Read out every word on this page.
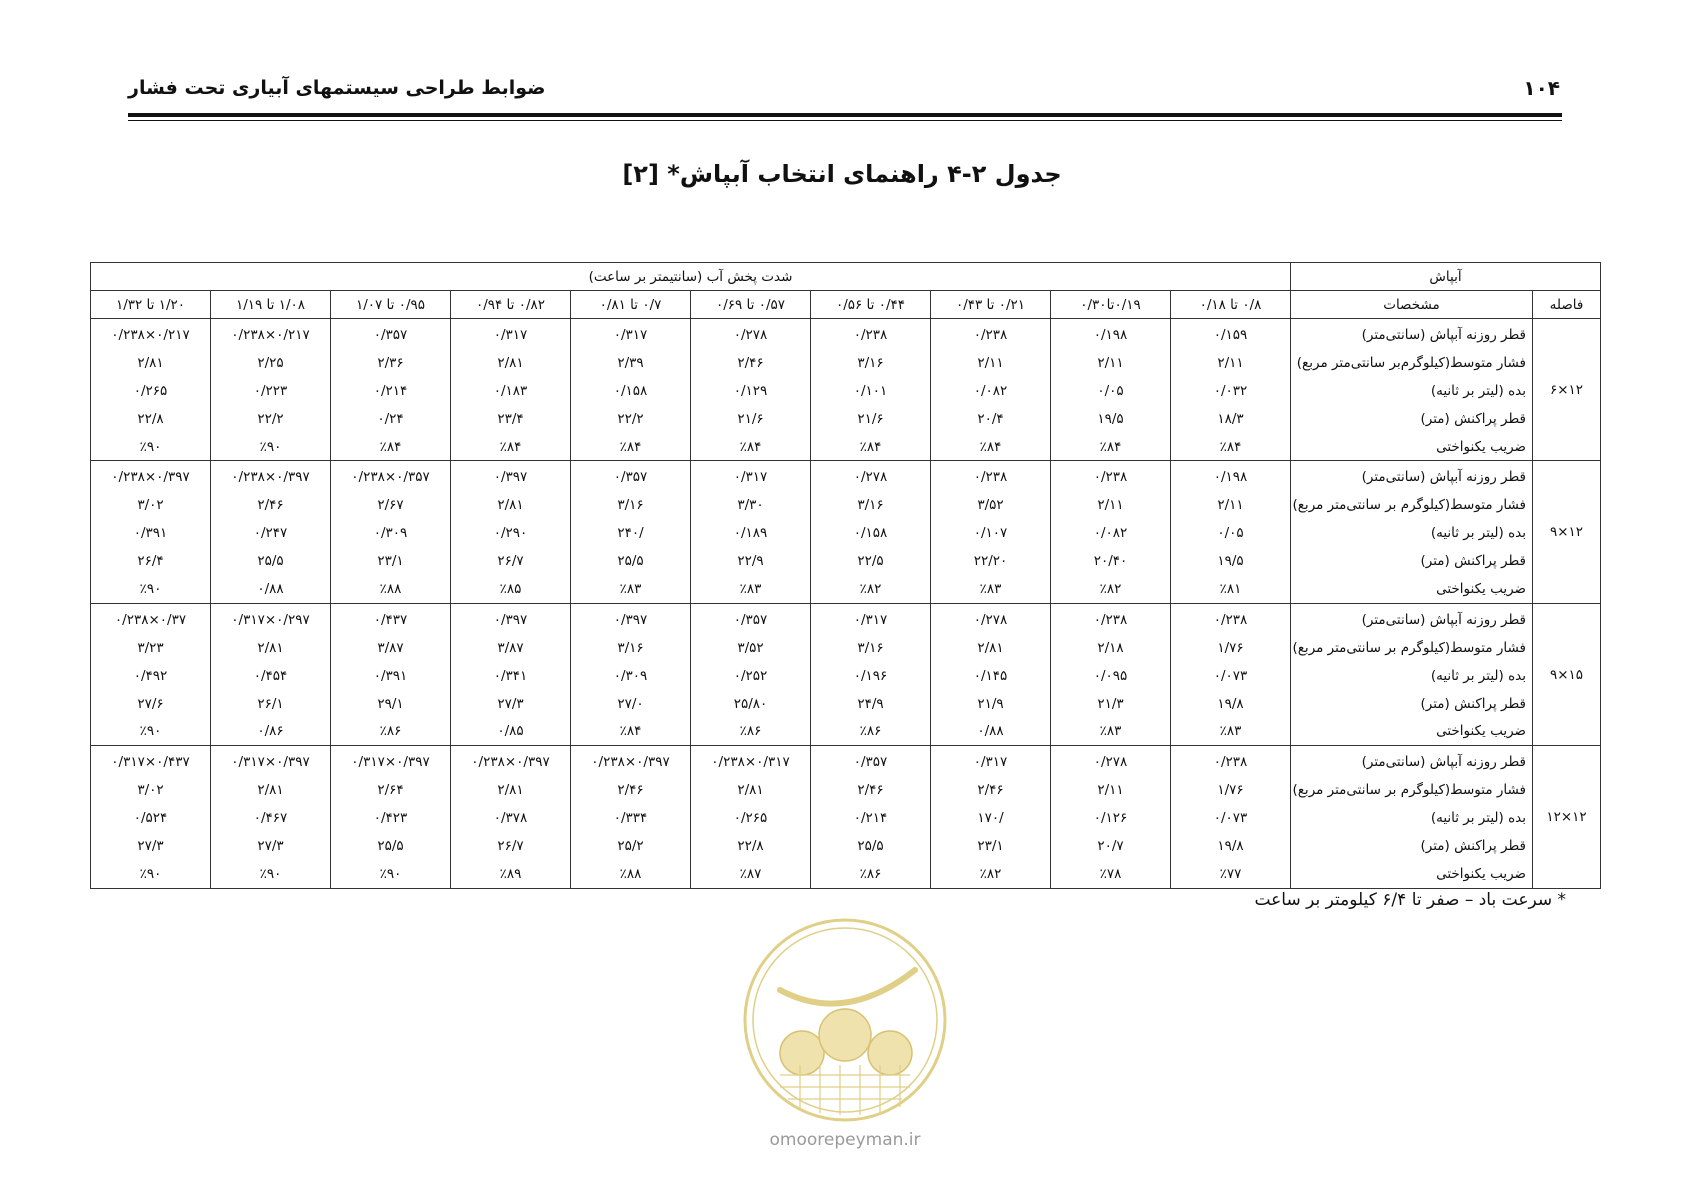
ضوابط طراحی سیستمهای آبیاری تحت فشار	۱۰۴
جدول ۲-۴ راهنمای انتخاب آبپاش* [۲]
آبپاش		شدت پخش آب (سانتیمتر بر ساعت)									
فاصله	مشخصات	۰/۸ تا ۰/۱۸	۰/۱۹تا۰/۳۰	۰/۲۱ تا ۰/۴۳	۰/۴۴ تا ۰/۵۶	۰/۵۷ تا ۰/۶۹	۰/۷ تا ۰/۸۱	۰/۸۲ تا ۰/۹۴	۰/۹۵ تا ۱/۰۷	۱/۰۸ تا ۱/۱۹	۱/۲۰ تا ۱/۳۲
۱۲×۶	قطر روزنه آبپاش (سانتی‌متر)	۰/۱۵۹	۰/۱۹۸	۰/۲۳۸	۰/۲۳۸	۰/۲۷۸	۰/۳۱۷	۰/۳۱۷	۰/۳۵۷	۰/۲۱۷×۰/۲۳۸	۰/۲۱۷×۰/۲۳۸
	فشار متوسط(کیلوگرم‌بر سانتی‌متر مربع)	۲/۱۱	۲/۱۱	۲/۱۱	۳/۱۶	۲/۴۶	۲/۳۹	۲/۸۱	۲/۳۶	۲/۲۵	۲/۸۱
	بده (لیتر بر ثانیه)	۰/۰۳۲	۰/۰۵	۰/۰۸۲	۰/۱۰۱	۰/۱۲۹	۰/۱۵۸	۰/۱۸۳	۰/۲۱۴	۰/۲۲۳	۰/۲۶۵
	قطر پراکنش (متر)	۱۸/۳	۱۹/۵	۲۰/۴	۲۱/۶	۲۱/۶	۲۲/۲	۲۳/۴	۰/۲۴	۲۲/۲	۲۲/۸
	ضریب یکنواختی	٪۸۴	٪۸۴	٪۸۴	٪۸۴	٪۸۴	٪۸۴	٪۸۴	٪۸۴	٪۹۰	٪۹۰
۱۲×۹	قطر روزنه آبپاش (سانتی‌متر)	۰/۱۹۸	۰/۲۳۸	۰/۲۳۸	۰/۲۷۸	۰/۳۱۷	۰/۳۵۷	۰/۳۹۷	۰/۳۵۷×۰/۲۳۸	۰/۳۹۷×۰/۲۳۸	۰/۳۹۷×۰/۲۳۸
	فشار متوسط(کیلوگرم بر سانتی‌متر مربع)	۲/۱۱	۲/۱۱	۳/۵۲	۳/۱۶	۳/۳۰	۳/۱۶	۲/۸۱	۲/۶۷	۲/۴۶	۳/۰۲
	بده (لیتر بر ثانیه)	۰/۰۵	۰/۰۸۲	۰/۱۰۷	۰/۱۵۸	۰/۱۸۹	/۲۴۰	۰/۲۹۰	۰/۳۰۹	۰/۲۴۷	۰/۳۹۱
	قطر پراکنش (متر)	۱۹/۵	۲۰/۴۰	۲۲/۲۰	۲۲/۵	۲۲/۹	۲۵/۵	۲۶/۷	۲۳/۱	۲۵/۵	۲۶/۴
	ضریب یکنواختی	٪۸۱	٪۸۲	٪۸۳	٪۸۲	٪۸۳	٪۸۳	٪۸۵	٪۸۸	۰/۸۸	٪۹۰
۱۵×۹	قطر روزنه آبپاش (سانتی‌متر)	۰/۲۳۸	۰/۲۳۸	۰/۲۷۸	۰/۳۱۷	۰/۳۵۷	۰/۳۹۷	۰/۳۹۷	۰/۴۳۷	۰/۲۹۷×۰/۳۱۷	۰/۳۷×۰/۲۳۸
	فشار متوسط(کیلوگرم بر سانتی‌متر مربع)	۱/۷۶	۲/۱۸	۲/۸۱	۳/۱۶	۳/۵۲	۳/۱۶	۳/۸۷	۳/۸۷	۲/۸۱	۳/۲۳
	بده (لیتر بر ثانیه)	۰/۰۷۳	۰/۰۹۵	۰/۱۴۵	۰/۱۹۶	۰/۲۵۲	۰/۳۰۹	۰/۳۴۱	۰/۳۹۱	۰/۴۵۴	۰/۴۹۲
	قطر پراکنش (متر)	۱۹/۸	۲۱/۳	۲۱/۹	۲۴/۹	۲۵/۸۰	۲۷/۰	۲۷/۳	۲۹/۱	۲۶/۱	۲۷/۶
	ضریب یکنواختی	٪۸۳	٪۸۳	۰/۸۸	٪۸۶	٪۸۶	٪۸۴	۰/۸۵	٪۸۶	۰/۸۶	٪۹۰
۱۲×۱۲	قطر روزنه آبپاش (سانتی‌متر)	۰/۲۳۸	۰/۲۷۸	۰/۳۱۷	۰/۳۵۷	۰/۳۱۷×۰/۲۳۸	۰/۳۹۷×۰/۲۳۸	۰/۳۹۷×۰/۲۳۸	۰/۳۹۷×۰/۳۱۷	۰/۳۹۷×۰/۳۱۷	۰/۴۳۷×۰/۳۱۷
	فشار متوسط(کیلوگرم بر سانتی‌متر مربع)	۱/۷۶	۲/۱۱	۲/۴۶	۲/۴۶	۲/۸۱	۲/۴۶	۲/۸۱	۲/۶۴	۲/۸۱	۳/۰۲
	بده (لیتر بر ثانیه)	۰/۰۷۳	۰/۱۲۶	/۱۷۰	۰/۲۱۴	۰/۲۶۵	۰/۳۳۴	۰/۳۷۸	۰/۴۲۳	۰/۴۶۷	۰/۵۲۴
	قطر پراکنش (متر)	۱۹/۸	۲۰/۷	۲۳/۱	۲۵/۵	۲۲/۸	۲۵/۲	۲۶/۷	۲۵/۵	۲۷/۳	۲۷/۳
	ضریب یکنواختی	٪۷۷	٪۷۸	٪۸۲	٪۸۶	٪۸۷	٪۸۸	٪۸۹	٪۹۰	٪۹۰	٪۹۰
* سرعت باد – صفر تا ۶/۴ کیلومتر بر ساعت
omoorepeyman.ir
